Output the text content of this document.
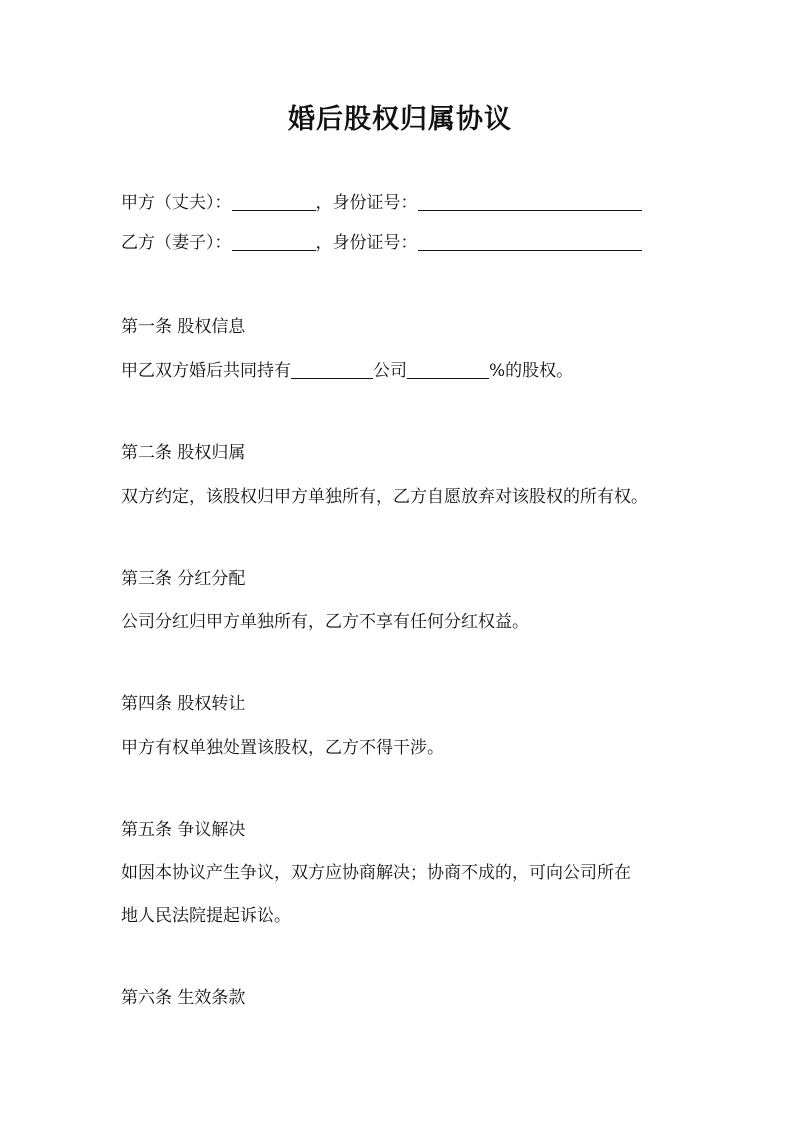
婚后股权归属协议
甲方（丈夫）：	，身份证号：
乙方（妻子）：	，身份证号：
第一条 股权信息
甲乙双方婚后共同持有	公司	%的股权。
第二条 股权归属
双方约定，该股权归甲方单独所有，乙方自愿放弃对该股权的所有权。
第三条 分红分配
公司分红归甲方单独所有，乙方不享有任何分红权益。
第四条 股权转让
甲方有权单独处置该股权，乙方不得干涉。
第五条 争议解决
如因本协议产生争议，双方应协商解决；协商不成的，可向公司所在
地人民法院提起诉讼。
第六条 生效条款
